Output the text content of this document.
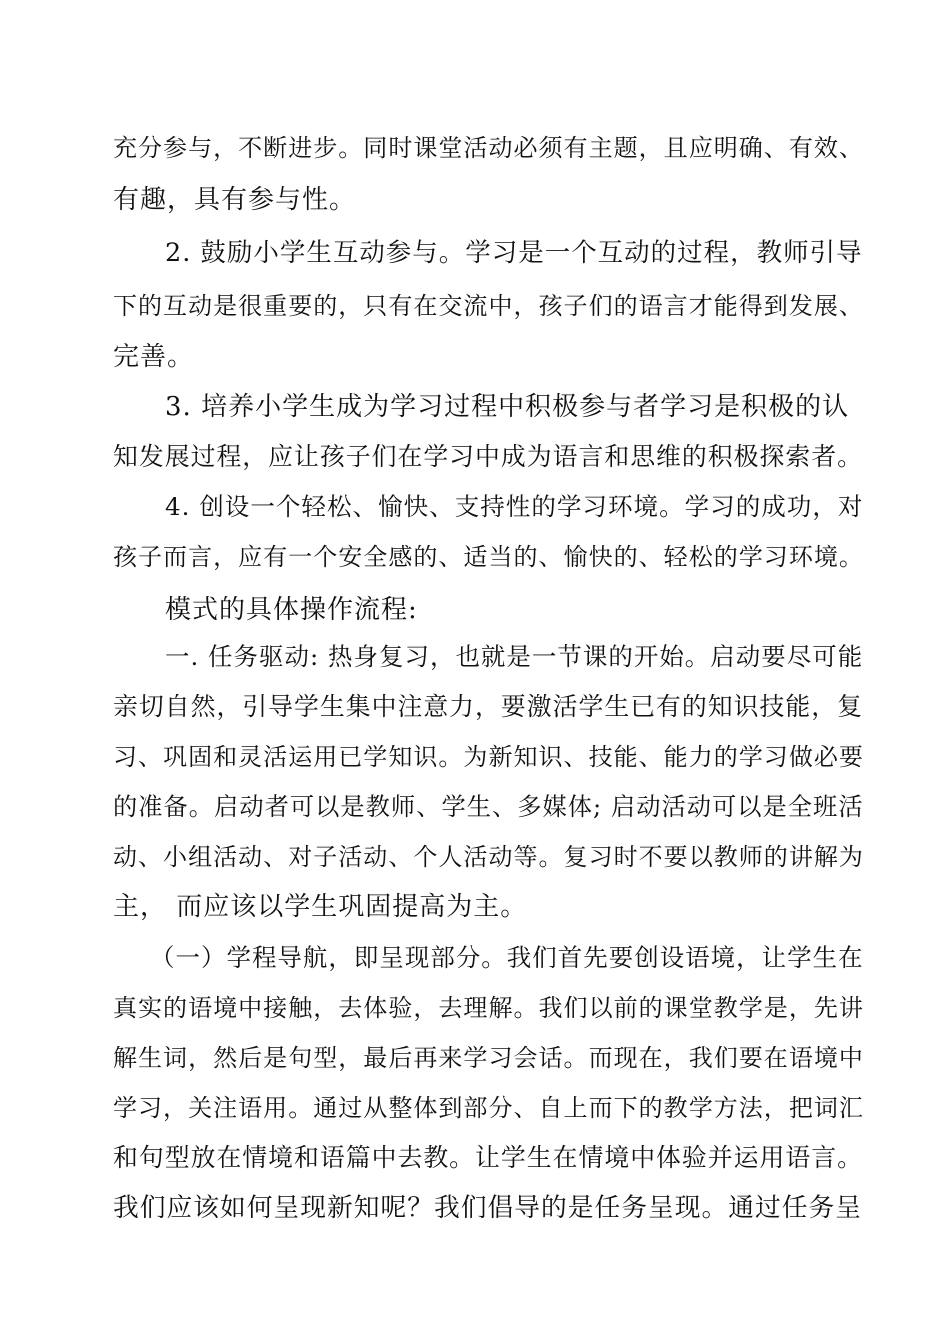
充分参与，不断进步。同时课堂活动必须有主题，且应明确、有效、
有趣，具有参与性。
2. 鼓励小学生互动参与。学习是一个互动的过程，教师引导
下的互动是很重要的，只有在交流中，孩子们的语言才能得到发展、
完善。
3. 培养小学生成为学习过程中积极参与者学习是积极的认
知发展过程，应让孩子们在学习中成为语言和思维的积极探索者。
4. 创设一个轻松、愉快、支持性的学习环境。学习的成功，对
孩子而言，应有一个安全感的、适当的、愉快的、轻松的学习环境。
模式的具体操作流程:
一. 任务驱动: 热身复习，也就是一节课的开始。启动要尽可能
亲切自然，引导学生集中注意力，要激活学生已有的知识技能，复
习、巩固和灵活运用已学知识。为新知识、技能、能力的学习做必要
的准备。启动者可以是教师、学生、多媒体; 启动活动可以是全班活
动、小组活动、对子活动、个人活动等。复习时不要以教师的讲解为
主， 而应该以学生巩固提高为主。
（一）学程导航，即呈现部分。我们首先要创设语境，让学生在
真实的语境中接触，去体验，去理解。我们以前的课堂教学是，先讲
解生词，然后是句型，最后再来学习会话。而现在，我们要在语境中
学习，关注语用。通过从整体到部分、自上而下的教学方法，把词汇
和句型放在情境和语篇中去教。让学生在情境中体验并运用语言。
我们应该如何呈现新知呢？我们倡导的是任务呈现。通过任务呈
